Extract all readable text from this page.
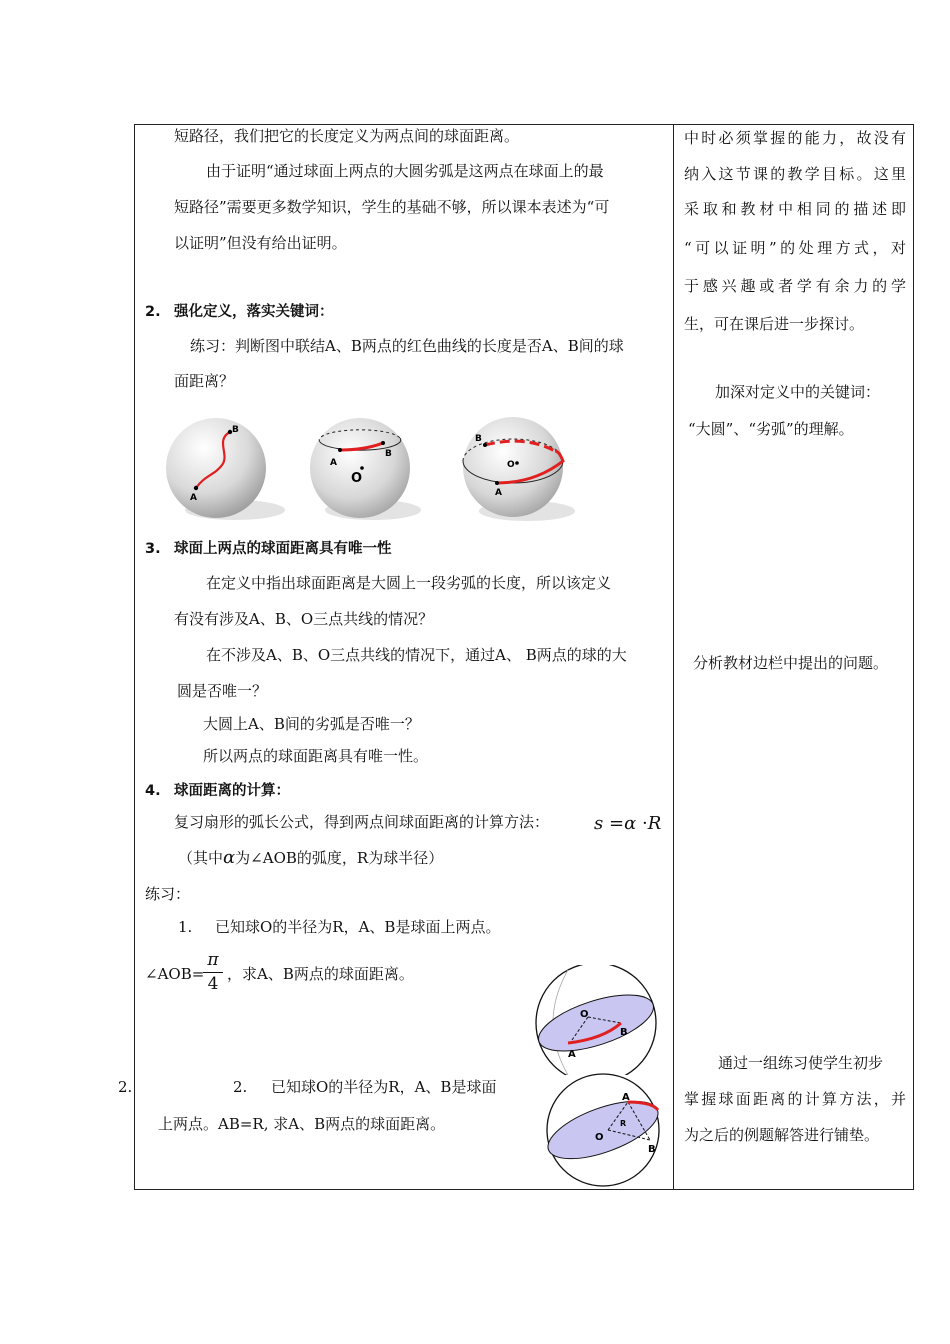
短路径，我们把它的长度定义为两点间的球面距离。
由于证明“通过球面上两点的大圆劣弧是这两点在球面上的最
短路径”需要更多数学知识，学生的基础不够，所以课本表述为“可
以证明”但没有给出证明。
2. 强化定义，落实关键词：
练习：判断图中联结A、B两点的红色曲线的长度是否A、B间的球
面距离？
B
A
A
B
O
B
A
O
3. 球面上两点的球面距离具有唯一性
在定义中指出球面距离是大圆上一段劣弧的长度，所以该定义
有没有涉及A、B、O三点共线的情况？
在不涉及A、B、O三点共线的情况下，通过A、 B两点的球的大
圆是否唯一？
大圆上A、B间的劣弧是否唯一？
所以两点的球面距离具有唯一性。
4. 球面距离的计算：
复习扇形的弧长公式，得到两点间球面距离的计算方法： s =α ·R
（其中α为∠AOB的弧度，R为球半径）
练习：
1. 已知球O的半径为R，A、B是球面上两点。
∠AOB=
π
4 ，求A、B两点的球面距离。
O
B
A
2.	2. 已知球O的半径为R，A、B是球面
上两点。AB=R, 求A、B两点的球面距离。
O
A
B
R
中时必须掌握的能力，故没有
纳入这节课的教学目标。这里
采取和教材中相同的描述即
“可以证明”的处理方式，对
于感兴趣或者学有余力的学
生，可在课后进一步探讨。
加深对定义中的关键词：
“大圆”、“劣弧”的理解。
分析教材边栏中提出的问题。
通过一组练习使学生初步
掌握球面距离的计算方法，并
为之后的例题解答进行铺垫。
